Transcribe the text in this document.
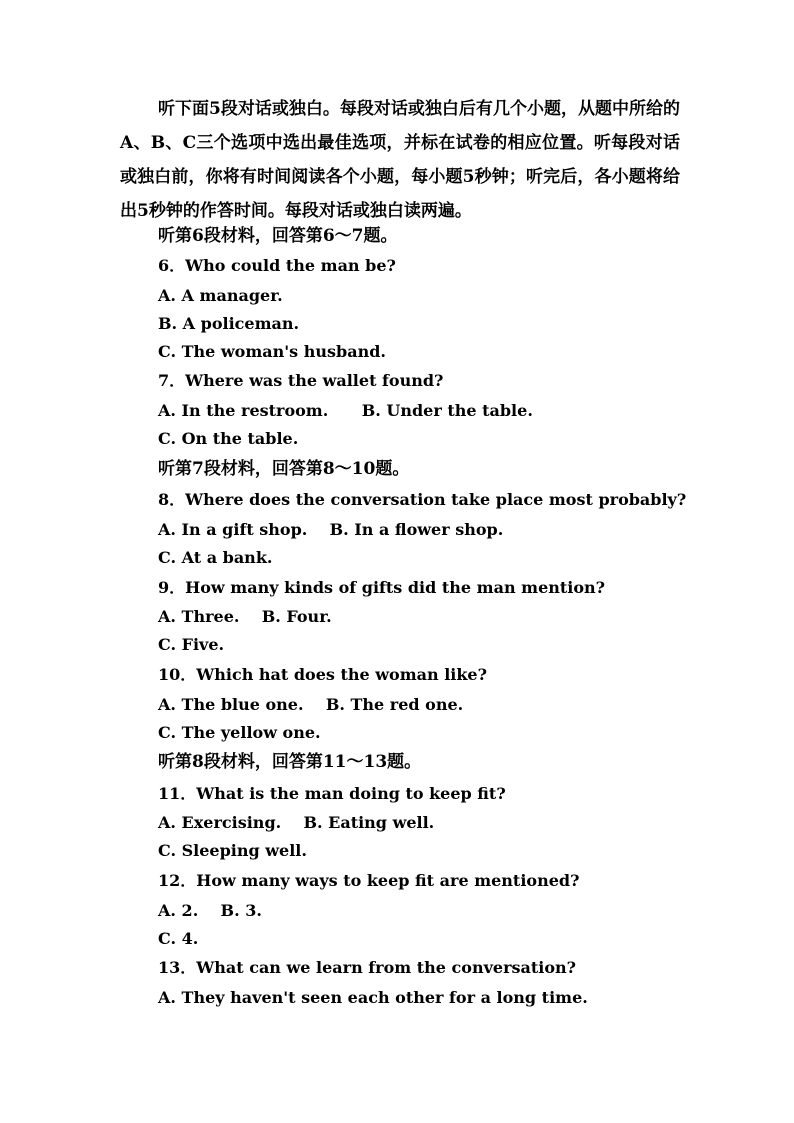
听下面5段对话或独白。每段对话或独白后有几个小题，从题中所给的A、B、C三个选项中选出最佳选项，并标在试卷的相应位置。听每段对话或独白前，你将有时间阅读各个小题，每小题5秒钟；听完后，各小题将给出5秒钟的作答时间。每段对话或独白读两遍。

听第6段材料，回答第6～7题。

6．Who could the man be?

A. A manager.

B. A policeman.

C. The woman's husband.

7．Where was the wallet found?

A. In the restroom.      B. Under the table.

C. On the table.

听第7段材料，回答第8～10题。

8．Where does the conversation take place most probably?

A. In a gift shop.    B. In a flower shop.

C. At a bank.

9．How many kinds of gifts did the man mention?

A. Three.    B. Four.

C. Five.

10．Which hat does the woman like?

A. The blue one.    B. The red one.

C. The yellow one.

听第8段材料，回答第11～13题。

11．What is the man doing to keep fit?

A. Exercising.    B. Eating well.

C. Sleeping well.

12．How many ways to keep fit are mentioned?

A. 2.    B. 3.

C. 4.

13．What can we learn from the conversation?

A. They haven't seen each other for a long time.
